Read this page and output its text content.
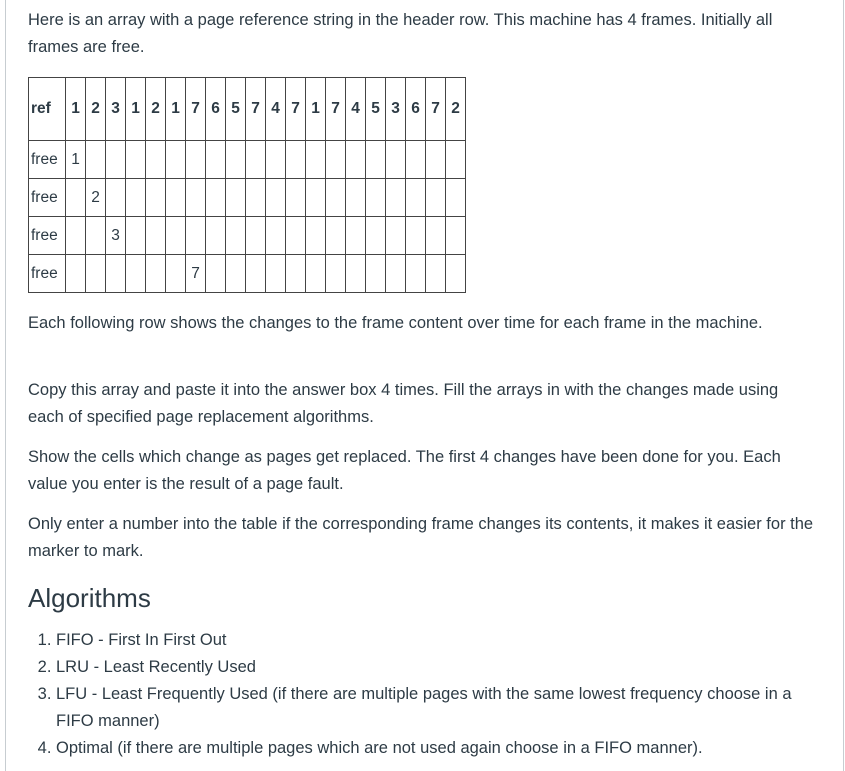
Here is an array with a page reference string in the header row. This machine has 4 frames. Initially all frames are free.

ref	1	2	3	1	2	1	7	6	5	7	4	7	1	7	4	5	3	6	7	2
free	1																			
free		2																		
free			3																	
free							7													

Each following row shows the changes to the frame content over time for each frame in the machine.

Copy this array and paste it into the answer box 4 times. Fill the arrays in with the changes made using each of specified page replacement algorithms.

Show the cells which change as pages get replaced. The first 4 changes have been done for you. Each value you enter is the result of a page fault.

Only enter a number into the table if the corresponding frame changes its contents, it makes it easier for the marker to mark.

Algorithms
1. FIFO - First In First Out
2. LRU - Least Recently Used
3. LFU - Least Frequently Used (if there are multiple pages with the same lowest frequency choose in a FIFO manner)
4. Optimal (if there are multiple pages which are not used again choose in a FIFO manner).
